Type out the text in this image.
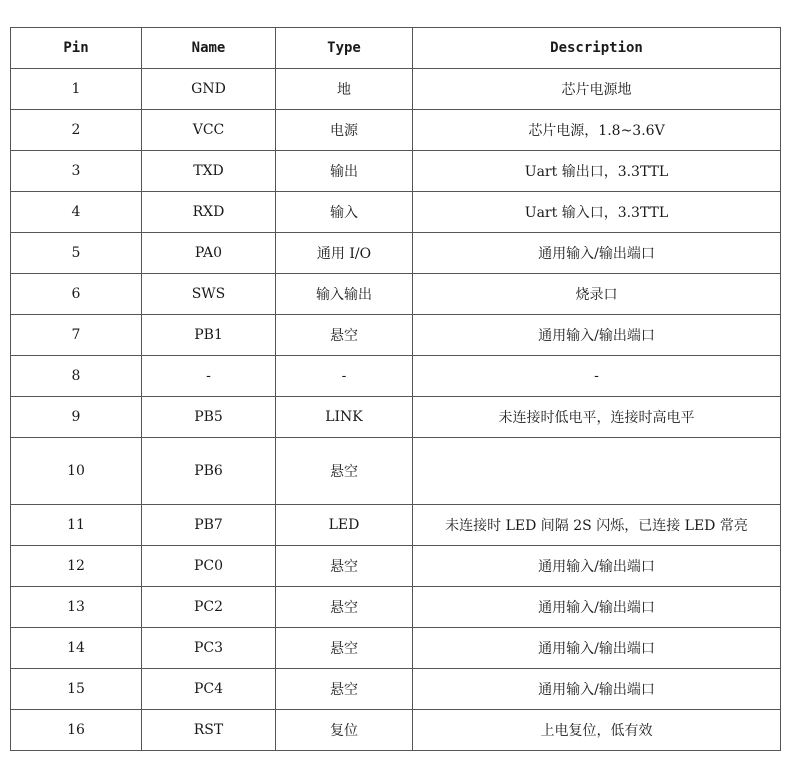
Pin	Name	Type	Description
1	GND	地	芯片电源地
2	VCC	电源	芯片电源，1.8~3.6V
3	TXD	输出	Uart 输出口，3.3TTL
4	RXD	输入	Uart 输入口，3.3TTL
5	PA0	通用 I/O	通用输入/输出端口
6	SWS	输入输出	烧录口
7	PB1	悬空	通用输入/输出端口
8	-	-	-
9	PB5	LINK	未连接时低电平，连接时高电平
10	PB6	悬空	
11	PB7	LED	未连接时 LED 间隔 2S 闪烁，已连接 LED 常亮
12	PC0	悬空	通用输入/输出端口
13	PC2	悬空	通用输入/输出端口
14	PC3	悬空	通用输入/输出端口
15	PC4	悬空	通用输入/输出端口
16	RST	复位	上电复位，低有效
